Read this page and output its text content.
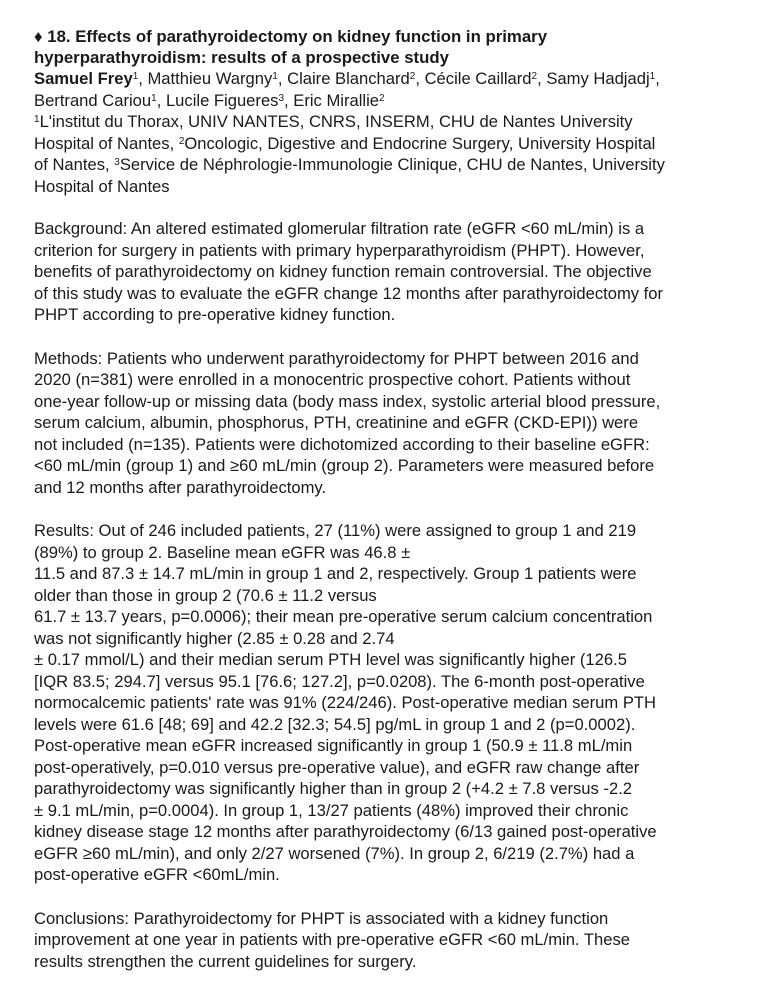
♦ 18. Effects of parathyroidectomy on kidney function in primary
hyperparathyroidism: results of a prospective study
Samuel Frey$^1$, Matthieu Wargny$^1$, Claire Blanchard$^2$, Cécile Caillard$^2$, Samy Hadjadj$^1$,
Bertrand Cariou$^1$, Lucile Figueres$^3$, Eric Mirallie$^2$
$^1$L'institut du Thorax, UNIV NANTES, CNRS, INSERM, CHU de Nantes University
Hospital of Nantes, $^2$Oncologic, Digestive and Endocrine Surgery, University Hospital
of Nantes, $^3$Service de Néphrologie-Immunologie Clinique, CHU de Nantes, University
Hospital of Nantes
Background: An altered estimated glomerular filtration rate (eGFR <60 mL/min) is a
criterion for surgery in patients with primary hyperparathyroidism (PHPT). However,
benefits of parathyroidectomy on kidney function remain controversial. The objective
of this study was to evaluate the eGFR change 12 months after parathyroidectomy for
PHPT according to pre-operative kidney function.
Methods: Patients who underwent parathyroidectomy for PHPT between 2016 and
2020 (n=381) were enrolled in a monocentric prospective cohort. Patients without
one-year follow-up or missing data (body mass index, systolic arterial blood pressure,
serum calcium, albumin, phosphorus, PTH, creatinine and eGFR (CKD-EPI)) were
not included (n=135). Patients were dichotomized according to their baseline eGFR:
<60 mL/min (group 1) and ≥60 mL/min (group 2). Parameters were measured before
and 12 months after parathyroidectomy.
Results: Out of 246 included patients, 27 (11%) were assigned to group 1 and 219
(89%) to group 2. Baseline mean eGFR was 46.8 ±
11.5 and 87.3 ± 14.7 mL/min in group 1 and 2, respectively. Group 1 patients were
older than those in group 2 (70.6 ± 11.2 versus
61.7 ± 13.7 years, p=0.0006); their mean pre-operative serum calcium concentration
was not significantly higher (2.85 ± 0.28 and 2.74
± 0.17 mmol/L) and their median serum PTH level was significantly higher (126.5
[IQR 83.5; 294.7] versus 95.1 [76.6; 127.2], p=0.0208). The 6-month post-operative
normocalcemic patients' rate was 91% (224/246). Post-operative median serum PTH
levels were 61.6 [48; 69] and 42.2 [32.3; 54.5] pg/mL in group 1 and 2 (p=0.0002).
Post-operative mean eGFR increased significantly in group 1 (50.9 ± 11.8 mL/min
post-operatively, p=0.010 versus pre-operative value), and eGFR raw change after
parathyroidectomy was significantly higher than in group 2 (+4.2 ± 7.8 versus -2.2
± 9.1 mL/min, p=0.0004). In group 1, 13/27 patients (48%) improved their chronic
kidney disease stage 12 months after parathyroidectomy (6/13 gained post-operative
eGFR ≥60 mL/min), and only 2/27 worsened (7%). In group 2, 6/219 (2.7%) had a
post-operative eGFR <60mL/min.
Conclusions: Parathyroidectomy for PHPT is associated with a kidney function
improvement at one year in patients with pre-operative eGFR <60 mL/min. These
results strengthen the current guidelines for surgery.
